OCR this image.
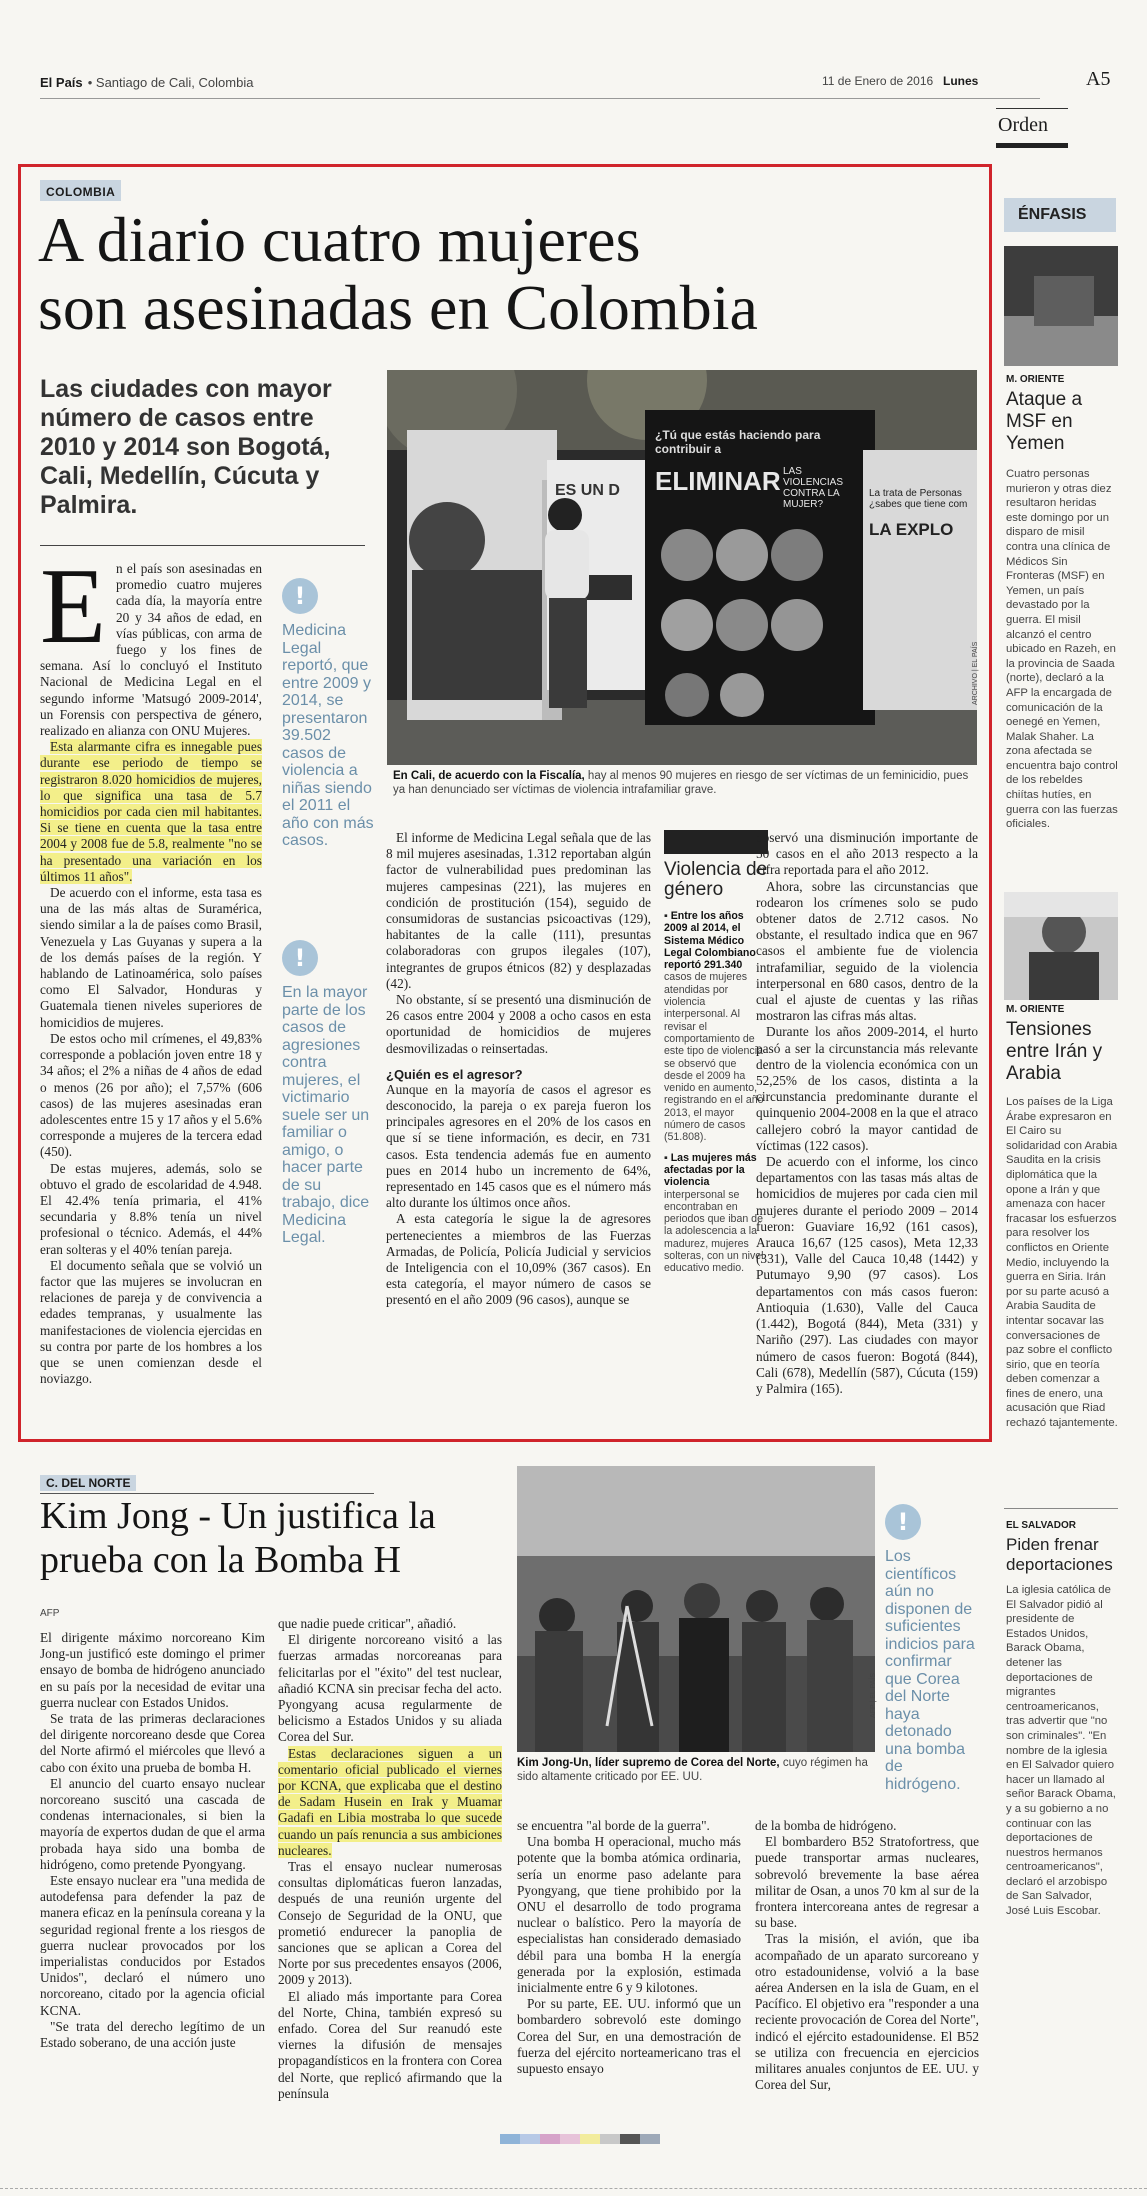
El País • Santiago de Cali, Colombia	11 de Enero de 2016 Lunes	A5
Orden
COLOMBIA
A diario cuatro mujeres
son asesinadas en Colombia
Las ciudades con mayor número de casos entre 2010 y 2014 son Bogotá, Cali, Medellín, Cúcuta y Palmira.
¿Tú que estás haciendo para contribuir a
ELIMINAR LAS VIOLENCIAS CONTRA LA MUJER?
La trata de Personas ¿sabes que tiene com
LA EXPLO
ES UN D
ARCHIVO | EL PAÍS
En Cali, de acuerdo con la Fiscalía, hay al menos 90 mujeres en riesgo de ser víctimas de un feminicidio, pues ya han denunciado ser víctimas de violencia intrafamiliar grave.
E n el país son asesinadas en promedio cuatro mujeres cada día, la mayoría entre 20 y 34 años de edad, en vías públicas, con arma de fuego y los fines de semana. Así lo concluyó el Instituto Nacional de Medicina Legal en el segundo informe 'Matsugó 2009-2014', un Forensis con perspectiva de género, realizado en alianza con ONU Mujeres.

Esta alarmante cifra es innegable pues durante ese periodo de tiempo se registraron 8.020 homicidios de mujeres, lo que significa una tasa de 5.7 homicidios por cada cien mil habitantes. Si se tiene en cuenta que la tasa entre 2004 y 2008 fue de 5.8, realmente "no se ha presentado una variación en los últimos 11 años".

De acuerdo con el informe, esta tasa es una de las más altas de Suramérica, siendo similar a la de países como Brasil, Venezuela y Las Guyanas y supera a la de los demás países de la región. Y hablando de Latinoamérica, solo países como El Salvador, Honduras y Guatemala tienen niveles superiores de homicidios de mujeres.

De estos ocho mil crímenes, el 49,83% corresponde a población joven entre 18 y 34 años; el 2% a niñas de 4 años de edad o menos (26 por año); el 7,57% (606 casos) de las mujeres asesinadas eran adolescentes entre 15 y 17 años y el 5.6% corresponde a mujeres de la tercera edad (450).

De estas mujeres, además, solo se obtuvo el grado de escolaridad de 4.948. El 42.4% tenía primaria, el 41% secundaria y 8.8% tenía un nivel profesional o técnico. Además, el 44% eran solteras y el 40% tenían pareja.

El documento señala que se volvió un factor que las mujeres se involucran en relaciones de pareja y de convivencia a edades tempranas, y usualmente las manifestaciones de violencia ejercidas en su contra por parte de los hombres a los que se unen comienzan desde el noviazgo.

!
Medicina Legal reportó, que entre 2009 y 2014, se presentaron 39.502 casos de violencia a niñas siendo el 2011 el año con más casos.
!
En la mayor parte de los casos de agresiones contra mujeres, el victimario suele ser un familiar o amigo, o hacer parte de su trabajo, dice Medicina Legal.

El informe de Medicina Legal señala que de las 8 mil mujeres asesinadas, 1.312 reportaban algún factor de vulnerabilidad pues predominan las mujeres campesinas (221), las mujeres en condición de prostitución (154), seguido de consumidoras de sustancias psicoactivas (129), habitantes de la calle (111), presuntas colaboradoras con grupos ilegales (107), integrantes de grupos étnicos (82) y desplazadas (42).

No obstante, sí se presentó una disminución de 26 casos entre 2004 y 2008 a ocho casos en esta oportunidad de homicidios de mujeres desmovilizadas o reinsertadas.

¿Quién es el agresor?

Aunque en la mayoría de casos el agresor es desconocido, la pareja o ex pareja fueron los principales agresores en el 20% de los casos en que sí se tiene información, es decir, en 731 casos. Esta tendencia además fue en aumento pues en 2014 hubo un incremento de 64%, representado en 145 casos que es el número más alto durante los últimos once años.

A esta categoría le sigue la de agresores pertenecientes a miembros de las Fuerzas Armadas, de Policía, Policía Judicial y servicios de Inteligencia con el 10,09% (367 casos). En esta categoría, el mayor número de casos se presentó en el año 2009 (96 casos), aunque se

Violencia de género
▪ Entre los años 2009 al 2014, el Sistema Médico Legal Colombiano reportó 291.340 casos de mujeres atendidas por violencia interpersonal. Al revisar el comportamiento de este tipo de violencia se observó que desde el 2009 ha venido en aumento, registrando en el año 2013, el mayor número de casos (51.808).
▪ Las mujeres más afectadas por la violencia interpersonal se encontraban en periodos que iban de la adolescencia a la madurez, mujeres solteras, con un nivel educativo medio.

observó una disminución importante de 50 casos en el año 2013 respecto a la cifra reportada para el año 2012.

Ahora, sobre las circunstancias que rodearon los crímenes solo se pudo obtener datos de 2.712 casos. No obstante, el resultado indica que en 967 casos el ambiente fue de violencia intrafamiliar, seguido de la violencia interpersonal en 680 casos, dentro de la cual el ajuste de cuentas y las riñas mostraron las cifras más altas.

Durante los años 2009-2014, el hurto pasó a ser la circunstancia más relevante dentro de la violencia económica con un 52,25% de los casos, distinta a la circunstancia predominante durante el quinquenio 2004-2008 en la que el atraco callejero cobró la mayor cantidad de víctimas (122 casos).

De acuerdo con el informe, los cinco departamentos con las tasas más altas de homicidios de mujeres por cada cien mil mujeres durante el periodo 2009 – 2014 fueron: Guaviare 16,92 (161 casos), Arauca 16,67 (125 casos), Meta 12,33 (331), Valle del Cauca 10,48 (1442) y Putumayo 9,90 (97 casos). Los departamentos con más casos fueron: Antioquia (1.630), Valle del Cauca (1.442), Bogotá (844), Meta (331) y Nariño (297). Las ciudades con mayor número de casos fueron: Bogotá (844), Cali (678), Medellín (587), Cúcuta (159) y Palmira (165).

ÉNFASIS
M. ORIENTE
Ataque a MSF en Yemen
Cuatro personas murieron y otras diez resultaron heridas este domingo por un disparo de misil contra una clínica de Médicos Sin Fronteras (MSF) en Yemen, un país devastado por la guerra. El misil alcanzó el centro ubicado en Razeh, en la provincia de Saada (norte), declaró a la AFP la encargada de comunicación de la oenegé en Yemen, Malak Shaher. La zona afectada se encuentra bajo control de los rebeldes chiítas hutíes, en guerra con las fuerzas oficiales.
M. ORIENTE
Tensiones entre Irán y Arabia
Los países de la Liga Árabe expresaron en El Cairo su solidaridad con Arabia Saudita en la crisis diplomática que la opone a Irán y que amenaza con hacer fracasar los esfuerzos para resolver los conflictos en Oriente Medio, incluyendo la guerra en Siria. Irán por su parte acusó a Arabia Saudita de intentar socavar las conversaciones de paz sobre el conflicto sirio, que en teoría deben comenzar a fines de enero, una acusación que Riad rechazó tajantemente.
EL SALVADOR
Piden frenar deportaciones
La iglesia católica de El Salvador pidió al presidente de Estados Unidos, Barack Obama, detener las deportaciones de migrantes centroamericanos, tras advertir que "no son criminales". "En nombre de la iglesia en El Salvador quiero hacer un llamado al señor Barack Obama, y a su gobierno a no continuar con las deportaciones de nuestros hermanos centroamericanos", declaró el arzobispo de San Salvador, José Luis Escobar.
C. DEL NORTE
Kim Jong - Un justifica la
prueba con la Bomba H
AFP

El dirigente máximo norcoreano Kim Jong-un justificó este domingo el primer ensayo de bomba de hidrógeno anunciado en su país por la necesidad de evitar una guerra nuclear con Estados Unidos.

Se trata de las primeras declaraciones del dirigente norcoreano desde que Corea del Norte afirmó el miércoles que llevó a cabo con éxito una prueba de bomba H.

El anuncio del cuarto ensayo nuclear norcoreano suscitó una cascada de condenas internacionales, si bien la mayoría de expertos dudan de que el arma probada haya sido una bomba de hidrógeno, como pretende Pyongyang.

Este ensayo nuclear era "una medida de autodefensa para defender la paz de manera eficaz en la península coreana y la seguridad regional frente a los riesgos de guerra nuclear provocados por los imperialistas conducidos por Estados Unidos", declaró el número uno norcoreano, citado por la agencia oficial KCNA.

"Se trata del derecho legítimo de un Estado soberano, de una acción juste

que nadie puede criticar", añadió.

El dirigente norcoreano visitó a las fuerzas armadas norcoreanas para felicitarlas por el "éxito" del test nuclear, añadió KCNA sin precisar fecha del acto. Pyongyang acusa regularmente de belicismo a Estados Unidos y su aliada Corea del Sur.

Estas declaraciones siguen a un comentario oficial publicado el viernes por KCNA, que explicaba que el destino de Sadam Husein en Irak y Muamar Gadafi en Libia mostraba lo que sucede cuando un país renuncia a sus ambiciones nucleares.

Tras el ensayo nuclear numerosas consultas diplomáticas fueron lanzadas, después de una reunión urgente del Consejo de Seguridad de la ONU, que prometió endurecer la panoplia de sanciones que se aplican a Corea del Norte por sus precedentes ensayos (2006, 2009 y 2013).

El aliado más importante para Corea del Norte, China, también expresó su enfado. Corea del Sur reanudó este viernes la difusión de mensajes propagandísticos en la frontera con Corea del Norte, que replicó afirmando que la península

AFP | EL PAÍS
Kim Jong-Un, líder supremo de Corea del Norte, cuyo régimen ha sido altamente criticado por EE. UU.
!
Los científicos aún no disponen de suficientes indicios para confirmar que Corea del Norte haya detonado una bomba de hidrógeno.

se encuentra "al borde de la guerra".

Una bomba H operacional, mucho más potente que la bomba atómica ordinaria, sería un enorme paso adelante para Pyongyang, que tiene prohibido por la ONU el desarrollo de todo programa nuclear o balístico. Pero la mayoría de especialistas han considerado demasiado débil para una bomba H la energía generada por la explosión, estimada inicialmente entre 6 y 9 kilotones.

Por su parte, EE. UU. informó que un bombardero sobrevoló este domingo Corea del Sur, en una demostración de fuerza del ejército norteamericano tras el supuesto ensayo

de la bomba de hidrógeno.

El bombardero B52 Stratofortress, que puede transportar armas nucleares, sobrevoló brevemente la base aérea militar de Osan, a unos 70 km al sur de la frontera intercoreana antes de regresar a su base.

Tras la misión, el avión, que iba acompañado de un aparato surcoreano y otro estadounidense, volvió a la base aérea Andersen en la isla de Guam, en el Pacífico. El objetivo era "responder a una reciente provocación de Corea del Norte", indicó el ejército estadounidense. El B52 se utiliza con frecuencia en ejercicios militares anuales conjuntos de EE. UU. y Corea del Sur,
